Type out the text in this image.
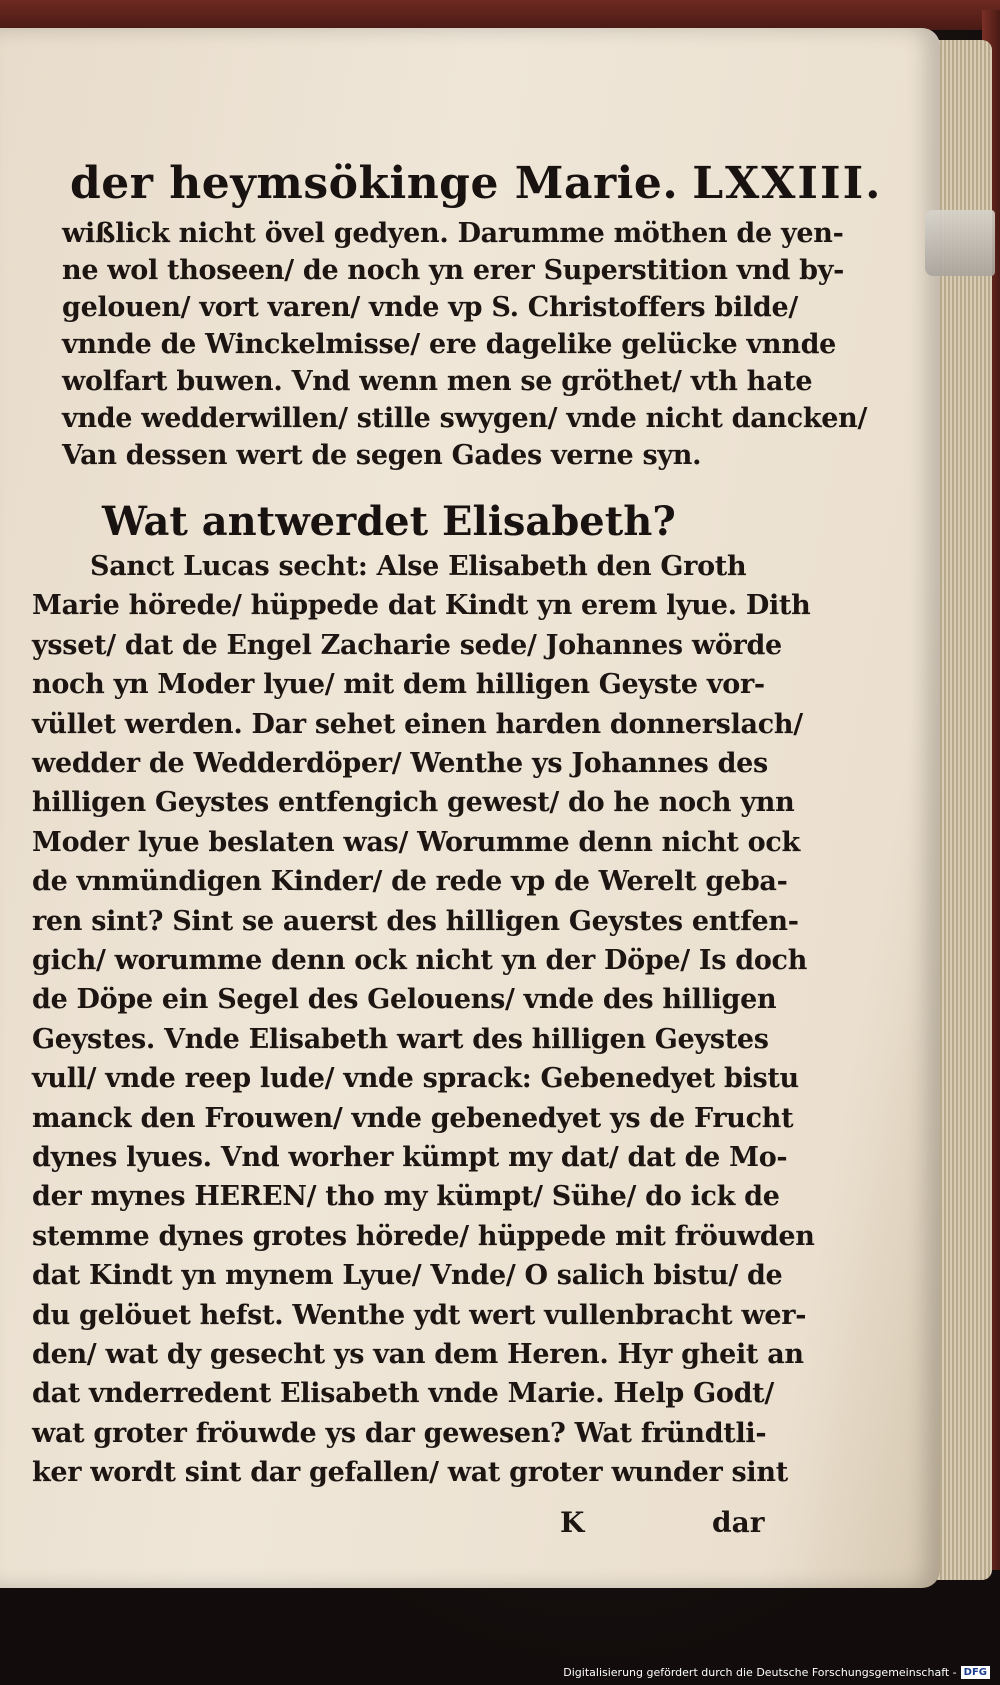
der heymsökinge Marie. LXXIII.
wißlick nicht övel gedyen. Darumme möthen de yen-
ne wol thoseen/ de noch yn erer Superstition vnd by-
gelouen/ vort varen/ vnde vp S. Christoffers bilde/
vnnde de Winckelmisse/ ere dagelike gelücke vnnde
wolfart buwen. Vnd wenn men se gröthet/ vth hate
vnde wedderwillen/ stille swygen/ vnde nicht dancken/
Van dessen wert de segen Gades verne syn.
Wat antwerdet Elisabeth?
Sanct Lucas secht: Alse Elisabeth den Groth
Marie hörede/ hüppede dat Kindt yn erem lyue. Dith
ysset/ dat de Engel Zacharie sede/ Johannes wörde
noch yn Moder lyue/ mit dem hilligen Geyste vor-
vüllet werden. Dar sehet einen harden donnerslach/
wedder de Wedderdöper/ Wenthe ys Johannes des
hilligen Geystes entfengich gewest/ do he noch ynn
Moder lyue beslaten was/ Worumme denn nicht ock
de vnmündigen Kinder/ de rede vp de Werelt geba-
ren sint? Sint se auerst des hilligen Geystes entfen-
gich/ worumme denn ock nicht yn der Döpe/ Is doch
de Döpe ein Segel des Gelouens/ vnde des hilligen
Geystes. Vnde Elisabeth wart des hilligen Geystes
vull/ vnde reep lude/ vnde sprack: Gebenedyet bistu
manck den Frouwen/ vnde gebenedyet ys de Frucht
dynes lyues. Vnd worher kümpt my dat/ dat de Mo-
der mynes HEREN/ tho my kümpt/ Sühe/ do ick de
stemme dynes grotes hörede/ hüppede mit fröuwden
dat Kindt yn mynem Lyue/ Vnde/ O salich bistu/ de
du gelöuet hefst. Wenthe ydt wert vullenbracht wer-
den/ wat dy gesecht ys van dem Heren. Hyr gheit an
dat vnderredent Elisabeth vnde Marie. Help Godt/
wat groter fröuwde ys dar gewesen? Wat fründtli-
ker wordt sint dar gefallen/ wat groter wunder sint
K	dar
Digitalisierung gefördert durch die Deutsche Forschungsgemeinschaft - DFG
